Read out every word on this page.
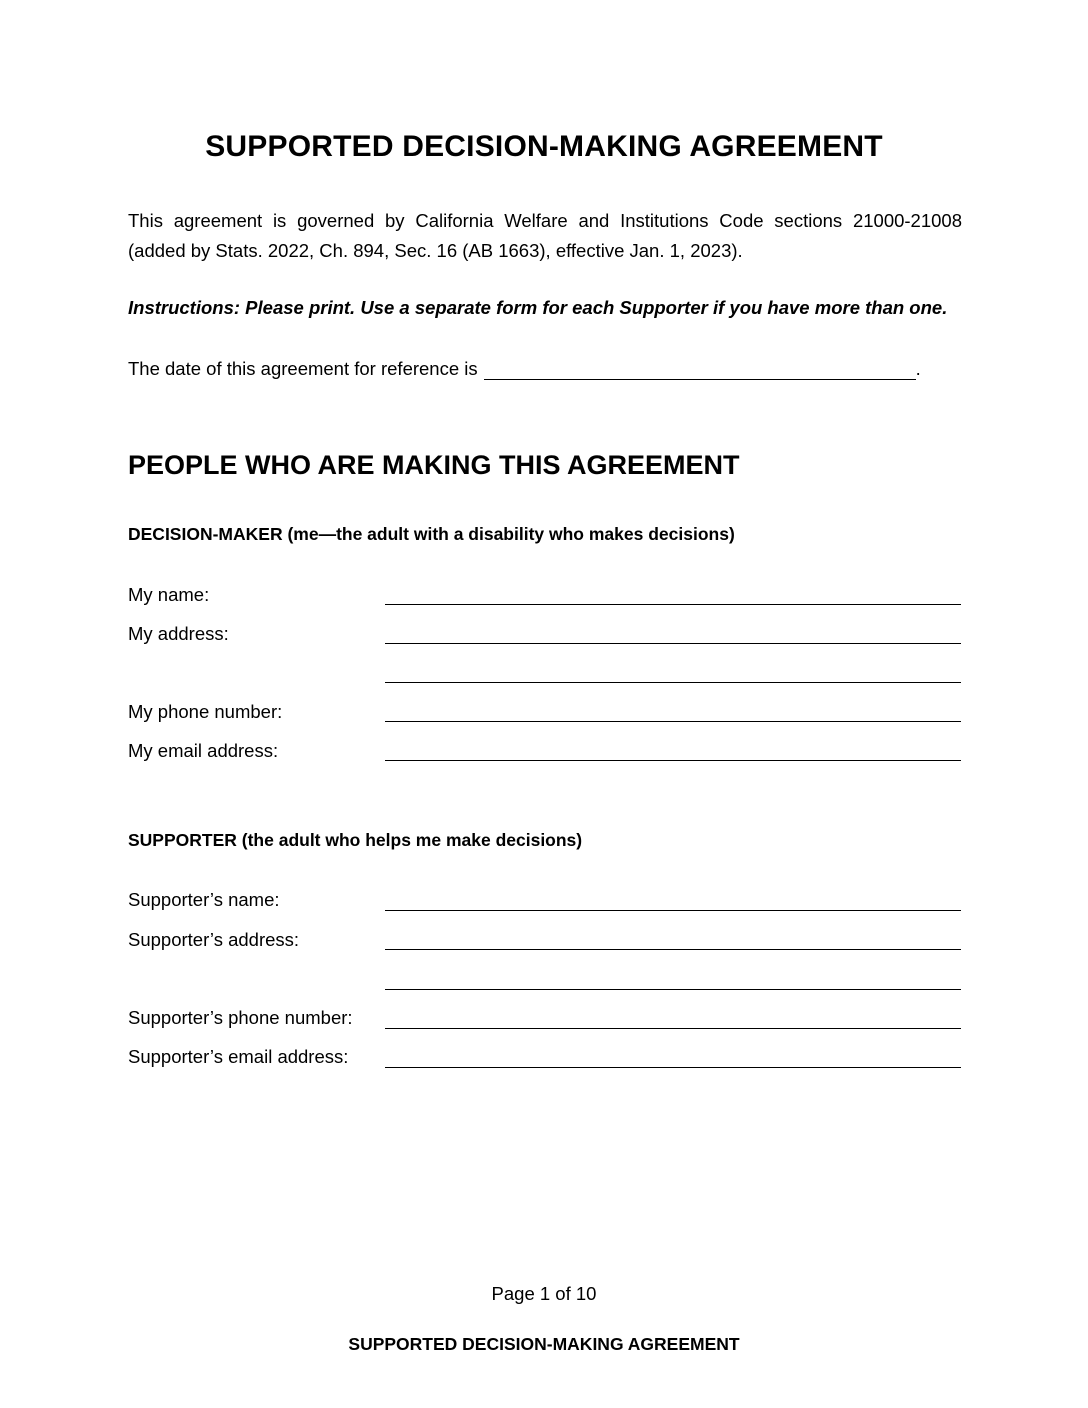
SUPPORTED DECISION-MAKING AGREEMENT
This agreement is governed by California Welfare and Institutions Code sections 21000-21008 (added by Stats. 2022, Ch. 894, Sec. 16 (AB 1663), effective Jan. 1, 2023).
Instructions: Please print. Use a separate form for each Supporter if you have more than one.
The date of this agreement for reference is	.
PEOPLE WHO ARE MAKING THIS AGREEMENT
DECISION-MAKER (me—the adult with a disability who makes decisions)
My name:
My address:
My phone number:
My email address:
SUPPORTER (the adult who helps me make decisions)
Supporter’s name:
Supporter’s address:
Supporter’s phone number:
Supporter’s email address:
Page 1 of 10
SUPPORTED DECISION-MAKING AGREEMENT
